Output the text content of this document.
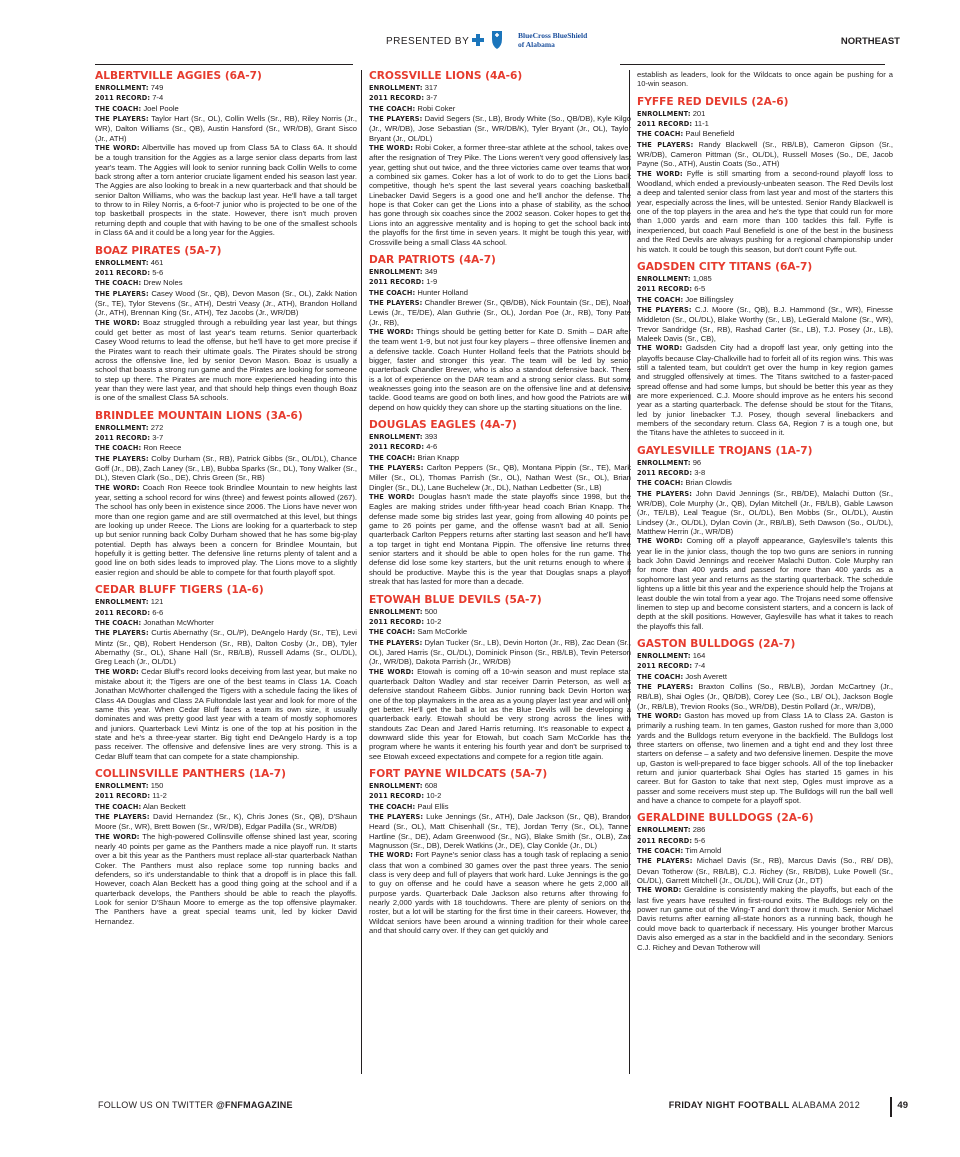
PRESENTED BY
BlueCross BlueShield
of Alabama	NORTHEAST
ALBERTVILLE AGGIES (6A-7)

ENROLLMENT: 749

2011 RECORD: 7-4

THE COACH: Joel Poole

THE PLAYERS: Taylor Hart (Sr., OL), Collin Wells (Sr., RB), Riley Norris (Jr., WR), Dalton Williams (Sr., QB), Austin Hansford (Sr., WR/DB), Grant Sisco (Jr., ATH)

THE WORD: Albertville has moved up from Class 5A to Class 6A. It should be a tough transition for the Aggies as a large senior class departs from last year's team. The Aggies will look to senior running back Collin Wells to come back strong after a torn anterior cruciate ligament ended his season last year. The Aggies are also looking to break in a new quarterback and that should be senior Dalton Williams, who was the backup last year. He'll have a tall target to throw to in Riley Norris, a 6-foot-7 junior who is projected to be one of the top basketball prospects in the state. However, there isn't much proven returning depth and couple that with having to be one of the smallest schools in Class 6A and it could be a long year for the Aggies.

BOAZ PIRATES (5A-7)

ENROLLMENT: 461

2011 RECORD: 5-6

THE COACH: Drew Noles

THE PLAYERS: Casey Wood (Sr., QB), Devon Mason (Sr., OL), Zakk Nation (Sr., TE), Tylor Stevens (Sr., ATH), Destri Veasy (Jr., ATH), Brandon Holland (Jr., ATH), Brennan King (Sr., ATH), Tez Jacobs (Jr., WR/DB)

THE WORD: Boaz struggled through a rebuilding year last year, but things could get better as most of last year's team returns. Senior quarterback Casey Wood returns to lead the offense, but he'll have to get more precise if the Pirates want to reach their ultimate goals. The Pirates should be strong across the offensive line, led by senior Devon Mason. Boaz is usually a school that boasts a strong run game and the Pirates are looking for someone to step up there. The Pirates are much more experienced heading into this year than they were last year, and that should help things even though Boaz is one of the smallest Class 5A schools.

BRINDLEE MOUNTAIN LIONS (3A-6)

ENROLLMENT: 272

2011 RECORD: 3-7

THE COACH: Ron Reece

THE PLAYERS: Colby Durham (Sr., RB), Patrick Gibbs (Sr., OL/DL), Chance Goff (Jr., DB), Zach Laney (Sr., LB), Bubba Sparks (Sr., DL), Tony Walker (Sr., DL), Steven Clark (So., DE), Chris Green (Sr., RB)

THE WORD: Coach Ron Reece took Brindlee Mountain to new heights last year, setting a school record for wins (three) and fewest points allowed (267). The school has only been in existence since 2006. The Lions have never won more than one region game and are still overmatched at this level, but things are looking up under Reece. The Lions are looking for a quarterback to step up but senior running back Colby Durham showed that he has some big-play potential. Depth has always been a concern for Brindlee Mountain, but hopefully it is getting better. The defensive line returns plenty of talent and a good line on both sides leads to improved play. The Lions move to a slightly easier region and should be able to compete for that fourth playoff spot.

CEDAR BLUFF TIGERS (1A-6)

ENROLLMENT: 121

2011 RECORD: 6-6

THE COACH: Jonathan McWhorter

THE PLAYERS: Curtis Abernathy (Sr., OL/P), DeAngelo Hardy (Sr., TE), Levi Mintz (Sr., QB), Robert Henderson (Sr., RB), Dalton Cosby (Jr., DB), Tyler Abernathy (Sr., OL), Shane Hall (Sr., RB/LB), Russell Adams (Sr., OL/DL), Greg Leach (Jr., OL/DL)

THE WORD: Cedar Bluff's record looks deceiving from last year, but make no mistake about it; the Tigers are one of the best teams in Class 1A. Coach Jonathan McWhorter challenged the Tigers with a schedule facing the likes of Class 4A Douglas and Class 2A Fultondale last year and look for more of the same this year. When Cedar Bluff faces a team its own size, it usually dominates and was pretty good last year with a team of mostly sophomores and juniors. Quarterback Levi Mintz is one of the top at his position in the state and he's a three-year starter. Big tight end DeAngelo Hardy is a top pass receiver. The offensive and defensive lines are very strong. This is a Cedar Bluff team that can compete for a state championship.

COLLINSVILLE PANTHERS (1A-7)

ENROLLMENT: 150

2011 RECORD: 11-2

THE COACH: Alan Beckett

THE PLAYERS: David Hernandez (Sr., K), Chris Jones (Sr., QB), D'Shaun Moore (Sr., WR), Brett Bowen (Sr., WR/DB), Edgar Padilla (Sr., WR/DB)

THE WORD: The high-powered Collinsville offense shined last year, scoring nearly 40 points per game as the Panthers made a nice playoff run. It starts over a bit this year as the Panthers must replace all-star quarterback Nathan Coker. The Panthers must also replace some top running backs and defenders, so it's understandable to think that a dropoff is in place this fall. However, coach Alan Beckett has a good thing going at the school and if a quarterback develops, the Panthers should be able to reach the playoffs. Look for senior D'Shaun Moore to emerge as the top offensive playmaker. The Panthers have a great special teams unit, led by kicker David Hernandez.

CROSSVILLE LIONS (4A-6)

ENROLLMENT: 317

2011 RECORD: 3-7

THE COACH: Robi Coker

THE PLAYERS: David Segers (Sr., LB), Brody White (So., QB/DB), Kyle Kilgo (Jr., WR/DB), Jose Sebastian (Sr., WR/DB/K), Tyler Bryant (Jr., OL), Taylor Bryant (Jr., OL/DL)

THE WORD: Robi Coker, a former three-star athlete at the school, takes over after the resignation of Trey Pike. The Lions weren't very good offensively last year, getting shut out twice, and the three victories came over teams that won a combined six games. Coker has a lot of work to do to get the Lions back competitive, though he's spent the last several years coaching basketball. Linebacker David Segers is a good one and he'll anchor the defense. The hope is that Coker can get the Lions into a phase of stability, as the school has gone through six coaches since the 2002 season. Coker hopes to get the Lions into an aggressive mentality and is hoping to get the school back into the playoffs for the first time in seven years. It might be tough this year, with Crossville being a small Class 4A school.

DAR PATRIOTS (4A-7)

ENROLLMENT: 349

2011 RECORD: 1-9

THE COACH: Hunter Holland

THE PLAYERS: Chandler Brewer (Sr., QB/DB), Nick Fountain (Sr., DE), Noah Lewis (Jr., TE/DE), Alan Guthrie (Sr., OL), Jordan Poe (Jr., RB), Tony Pate (Jr., RB),

THE WORD: Things should be getting better for Kate D. Smith – DAR after the team went 1-9, but not just four key players – three offensive linemen and a defensive tackle. Coach Hunter Holland feels that the Patriots should be bigger, faster and stronger this year. The team will be led by senior quarterback Chandler Brewer, who is also a standout defensive back. There is a lot of experience on the DAR team and a strong senior class. But some weaknesses going into the season are on the offensive line and at defensive tackle. Good teams are good on both lines, and how good the Patriots are will depend on how quickly they can shore up the starting situations on the line.

DOUGLAS EAGLES (4A-7)

ENROLLMENT: 393

2011 RECORD: 4-6

THE COACH: Brian Knapp

THE PLAYERS: Carlton Peppers (Sr., QB), Montana Pippin (Sr., TE), Mark Miller (Sr., OL), Thomas Parrish (Sr., OL), Nathan West (Sr., OL), Brian Dingler (Sr., DL), Lane Buchelew (Jr., DL), Nathan Ledbetter (Sr., LB)

THE WORD: Douglas hasn't made the state playoffs since 1998, but the Eagles are making strides under fifth-year head coach Brian Knapp. The defense made some big strides last year, going from allowing 40 points per game to 26 points per game, and the offense wasn't bad at all. Senior quarterback Carlton Peppers returns after starting last season and he'll have a top target in tight end Montana Pippin. The offensive line returns three senior starters and it should be able to open holes for the run game. The defense did lose some key starters, but the unit returns enough to where it should be productive. Maybe this is the year that Douglas snaps a playoff streak that has lasted for more than a decade.

ETOWAH BLUE DEVILS (5A-7)

ENROLLMENT: 500

2011 RECORD: 10-2

THE COACH: Sam McCorkle

THE PLAYERS: Dylan Tucker (Sr., LB), Devin Horton (Jr., RB), Zac Dean (Sr., OL), Jared Harris (Sr., OL/DL), Dominick Pinson (Sr., RB/LB), Tevin Peterson (Jr., WR/DB), Dakota Parrish (Jr., WR/DB)

THE WORD: Etowah is coming off a 10-win season and must replace star quarterback Dalton Wadley and star receiver Darrin Peterson, as well as defensive standout Raheem Gibbs. Junior running back Devin Horton was one of the top playmakers in the area as a young player last year and will only get better. He'll get the ball a lot as the Blue Devils will be developing a quarterback early. Etowah should be very strong across the lines with standouts Zac Dean and Jared Harris returning. It's reasonable to expect a downward slide this year for Etowah, but coach Sam McCorkle has the program where he wants it entering his fourth year and don't be surprised to see Etowah exceed expectations and compete for a region title again.

FORT PAYNE WILDCATS (5A-7)

ENROLLMENT: 608

2011 RECORD: 10-2

THE COACH: Paul Ellis

THE PLAYERS: Luke Jennings (Sr., ATH), Dale Jackson (Sr., QB), Brandon Heard (Sr., OL), Matt Chisenhall (Sr., TE), Jordan Terry (Sr., OL), Tanner Hartline (Sr., DE), Adam Greenwood (Sr., NG), Blake Smith (Sr., OLB), Zac Magnusson (Sr., DB), Derek Watkins (Jr., DE), Clay Conkle (Jr., DL)

THE WORD: Fort Payne's senior class has a tough task of replacing a senior class that won a combined 30 games over the past three years. The senior class is very deep and full of players that work hard. Luke Jennings is the go-to guy on offense and he could have a season where he gets 2,000 all-purpose yards. Quarterback Dale Jackson also returns after throwing for nearly 2,000 yards with 18 touchdowns. There are plenty of seniors on the roster, but a lot will be starting for the first time in their careers. However, the Wildcat seniors have been around a winning tradition for their whole career and that should carry over. If they can get quickly and

establish as leaders, look for the Wildcats to once again be pushing for a 10-win season.

FYFFE RED DEVILS (2A-6)

ENROLLMENT: 201

2011 RECORD: 11-1

THE COACH: Paul Benefield

THE PLAYERS: Randy Blackwell (Sr., RB/LB), Cameron Gipson (Sr., WR/DB), Cameron Pittman (Sr., OL/DL), Russell Moses (So., DE, Jacob Payne (So., ATH), Austin Coats (So., ATH)

THE WORD: Fyffe is still smarting from a second-round playoff loss to Woodland, which ended a previously-unbeaten season. The Red Devils lost a deep and talented senior class from last year and most of the starters this year, especially across the lines, will be untested. Senior Randy Blackwell is one of the top players in the area and he's the type that could run for more than 1,000 yards and earn more than 100 tackles this fall. Fyffe is inexperienced, but coach Paul Benefield is one of the best in the business and the Red Devils are always pushing for a regional championship under his watch. It could be tough this season, but don't count Fyffe out.

GADSDEN CITY TITANS (6A-7)

ENROLLMENT: 1,085

2011 RECORD: 6-5

THE COACH: Joe Billingsley

THE PLAYERS: C.J. Moore (Sr., QB), B.J. Hammond (Sr., WR), Finesse Middleton (Sr., OL/DL), Blake Worthy (Sr., LB), LeGerald Malone (Sr., WR), Trevor Sandridge (Sr., RB), Rashad Carter (Sr., LB), T.J. Posey (Jr., LB), Maleek Davis (Sr., CB),

THE WORD: Gadsden City had a dropoff last year, only getting into the playoffs because Clay-Chalkville had to forfeit all of its region wins. This was still a talented team, but couldn't get over the hump in key region games and struggled offensively at times. The Titans switched to a faster-paced spread offense and had some lumps, but should be better this year as they are more experienced. C.J. Moore should improve as he enters his second year as a starting quarterback. The defense should be stout for the Titans, led by junior linebacker T.J. Posey, though several linebackers and members of the secondary return. Class 6A, Region 7 is a tough one, but the Titans have the athletes to succeed in it.

GAYLESVILLE TROJANS (1A-7)

ENROLLMENT: 96

2011 RECORD: 3-8

THE COACH: Brian Clowdis

THE PLAYERS: John David Jennings (Sr., RB/DE), Malachi Dutton (Sr., WR/DB), Cole Murphy (Jr., QB), Dylan Mitchell (Jr., FB/LB), Gable Lawson (Jr., TE/LB), Leal Teague (Sr., OL/DL), Ben Mobbs (Sr., OL/DL), Austin Lindsey (Jr., OL/DL), Dylan Covin (Jr., RB/LB), Seth Dawson (So., OL/DL), Matthew Herrin (Jr., WR/DB)

THE WORD: Coming off a playoff appearance, Gaylesville's talents this year lie in the junior class, though the top two guns are seniors in running back John David Jennings and receiver Malachi Dutton. Cole Murphy ran for more than 400 yards and passed for more than 400 yards as a sophomore last year and returns as the starting quarterback. The schedule lightens up a little bit this year and the experience should help the Trojans at least double the win total from a year ago. The Trojans need some offensive linemen to step up and become consistent starters, and a concern is lack of depth at the skill positions. However, Gaylesville has what it takes to reach the playoffs this fall.

GASTON BULLDOGS (2A-7)

ENROLLMENT: 164

2011 RECORD: 7-4

THE COACH: Josh Averett

THE PLAYERS: Braxton Collins (So., RB/LB), Jordan McCartney (Jr., RB/LB), Shai Ogles (Jr., QB/DB), Corey Lee (So., LB/ OL), Jackson Bogle (Jr., RB/LB), Trevion Rooks (So., WR/DB), Destin Pollard (Jr., WR/DB),

THE WORD: Gaston has moved up from Class 1A to Class 2A. Gaston is primarily a rushing team. In ten games, Gaston rushed for more than 3,000 yards and the Bulldogs return everyone in the backfield. The Bulldogs lost three starters on offense, two linemen and a tight end and they lost three starters on defense – a safety and two defensive linemen. Despite the move up, Gaston is well-prepared to face bigger schools. All of the top linebacker return and junior quarterback Shai Ogles has started 15 games in his career. But for Gaston to take that next step, Ogles must improve as a passer and some receivers must step up. The Bulldogs will run the ball well and have a chance to compete for a playoff spot.

GERALDINE BULLDOGS (2A-6)

ENROLLMENT: 286

2011 RECORD: 5-6

THE COACH: Tim Arnold

THE PLAYERS: Michael Davis (Sr., RB), Marcus Davis (So., RB/ DB), Devan Totherow (Sr., RB/LB), C.J. Richey (Sr., RB/DB), Luke Powell (Sr., OL/DL), Garrett Mitchell (Jr., OL/DL), Will Cruz (Jr., DT)

THE WORD: Geraldine is consistently making the playoffs, but each of the last five years have resulted in first-round exits. The Bulldogs rely on the power run game out of the Wing-T and don't throw it much. Senior Michael Davis returns after earning all-state honors as a running back, though he could move back to quarterback if necessary. His younger brother Marcus Davis also emerged as a star in the backfield and in the secondary. Seniors C.J. Richey and Devan Totherow will

FOLLOW US ON TWITTER @FNFMAGAZINE	FRIDAY NIGHT FOOTBALL ALABAMA 2012	49
